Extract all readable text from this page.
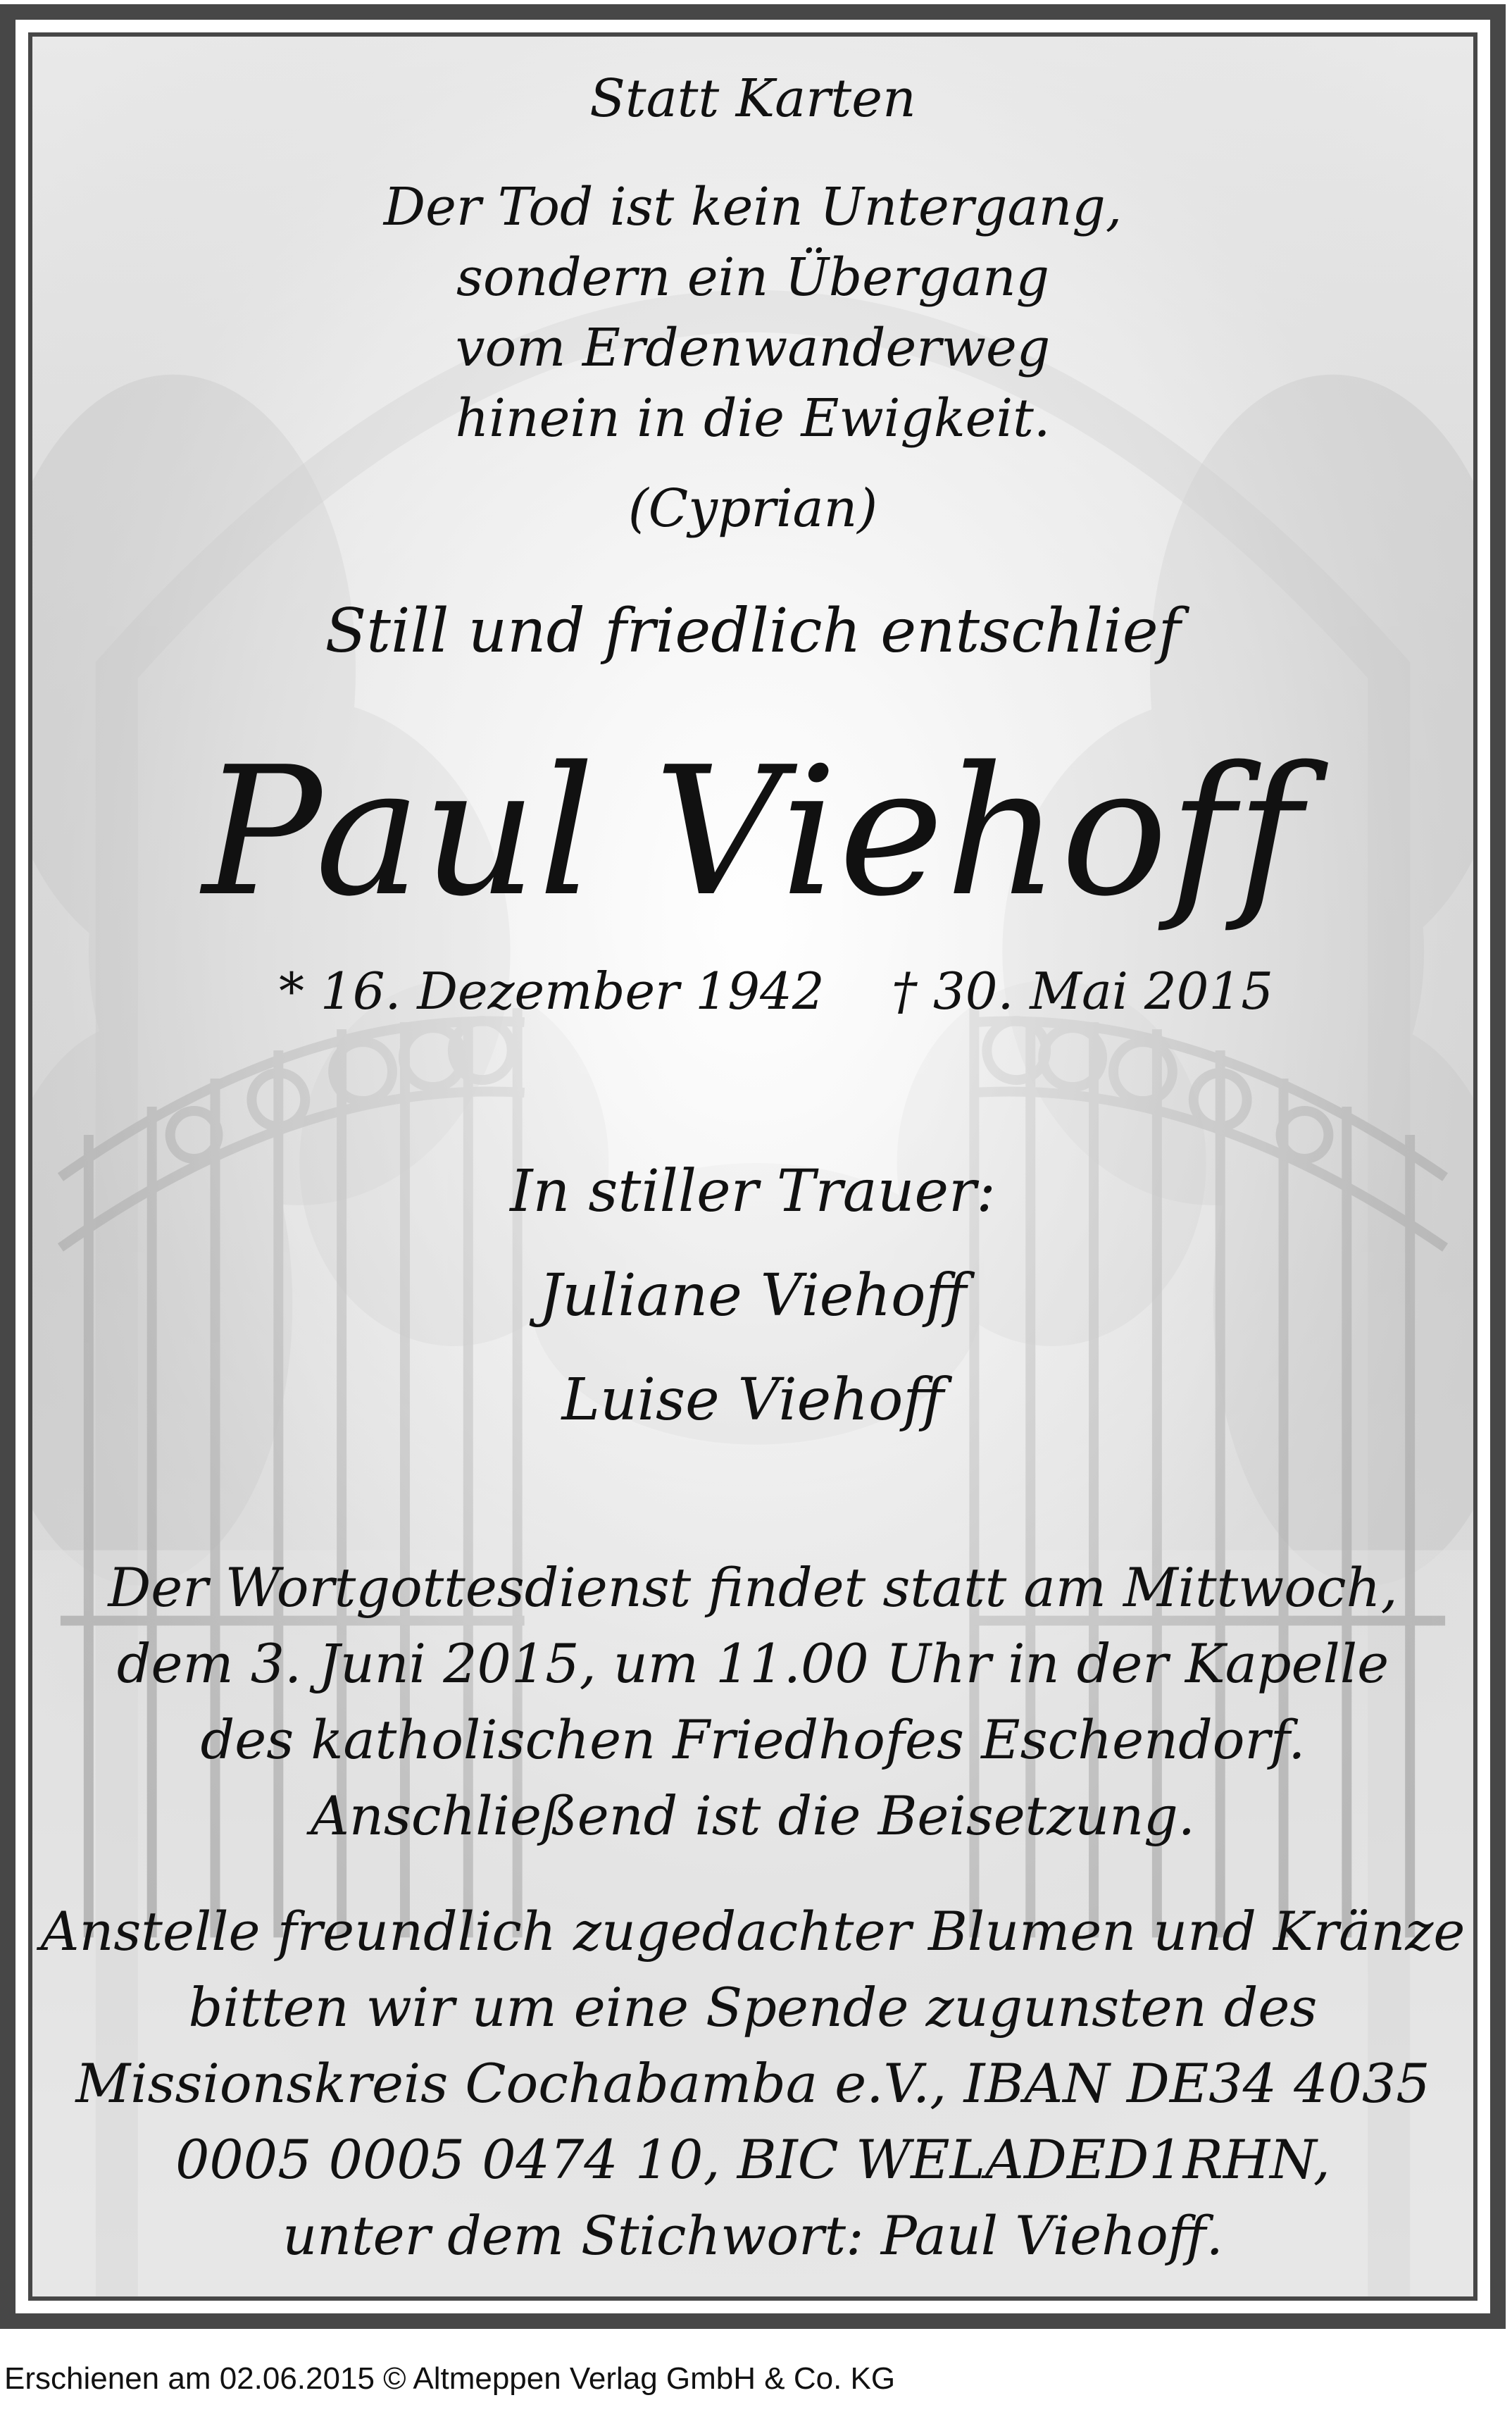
Statt Karten

Der Tod ist kein Untergang,

sondern ein Übergang

vom Erdenwanderweg

hinein in die Ewigkeit.

(Cyprian)

Still und friedlich entschlief

Paul Viehoff

* 16. Dezember 1942 † 30. Mai 2015

In stiller Trauer:

Juliane Viehoff

Luise Viehoff

Der Wortgottesdienst findet statt am Mittwoch,

dem 3. Juni 2015, um 11.00 Uhr in der Kapelle

des katholischen Friedhofes Eschendorf.

Anschließend ist die Beisetzung.

Anstelle freundlich zugedachter Blumen und Kränze

bitten wir um eine Spende zugunsten des

Missionskreis Cochabamba e.V., IBAN DE34 4035

0005 0005 0474 10, BIC WELADED1RHN,

unter dem Stichwort: Paul Viehoff.

Erschienen am 02.06.2015 © Altmeppen Verlag GmbH & Co. KG
